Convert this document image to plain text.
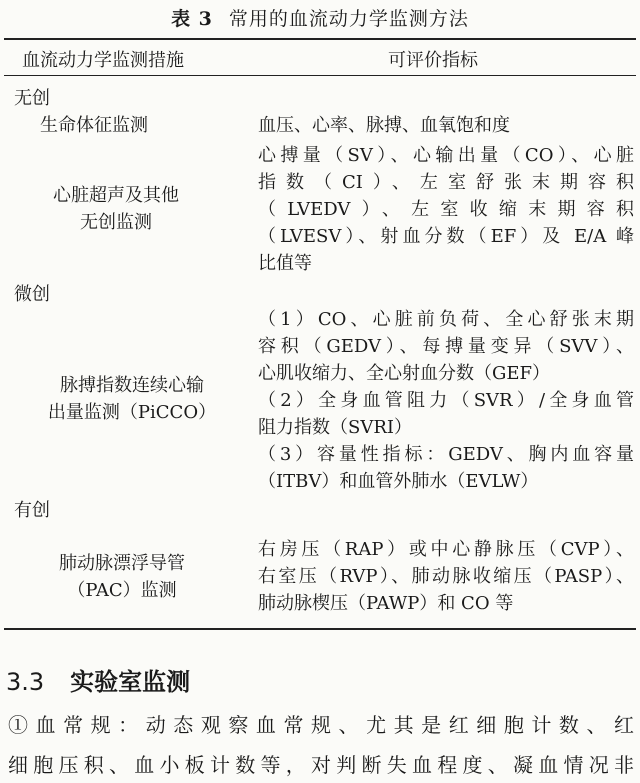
表 3 常用的血流动力学监测方法
血流动力学监测措施	可评价指标
无创
生命体征监测	血压、心率、脉搏、血氧饱和度
心脏超声及其他
无创监测
心搏量（SV）、心输出量（CO）、心脏
指数（CI）、左室舒张末期容积
（LVEDV）、左室收缩末期容积
（LVESV）、射血分数（EF）及 E/A 峰
比值等
微创
脉搏指数连续心输
出量监测（PiCCO）
（1）CO、心脏前负荷、全心舒张末期
容积（GEDV）、每搏量变异（SVV）、
心肌收缩力、全心射血分数（GEF）
（2）全身血管阻力（SVR）/全身血管
阻力指数（SVRI）
（3）容量性指标：GEDV、胸内血容量
（ITBV）和血管外肺水（EVLW）
有创
肺动脉漂浮导管
（PAC）监测
右房压（RAP）或中心静脉压（CVP）、
右室压（RVP）、肺动脉收缩压（PASP）、
肺动脉楔压（PAWP）和 CO 等
3.3 实验室监测
①血常规：动态观察血常规、尤其是红细胞计数、红
细胞压积、血小板计数等，对判断失血程度、凝血情况非
